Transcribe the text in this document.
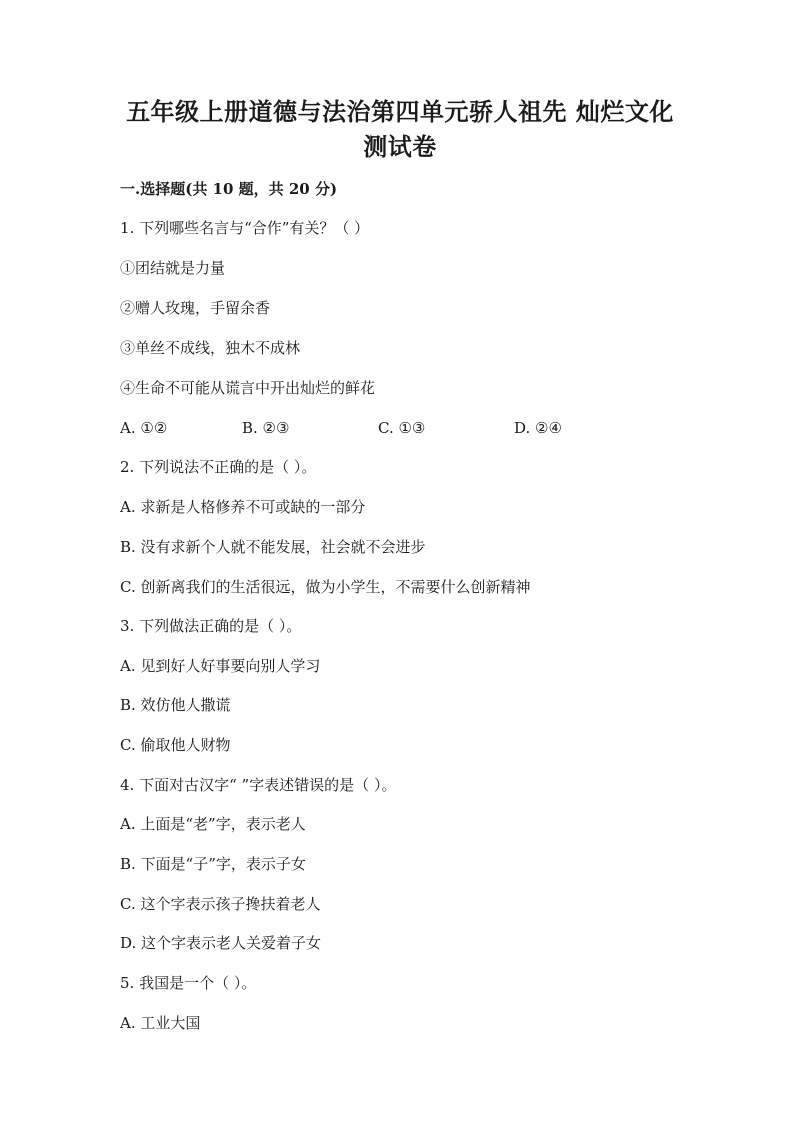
五年级上册道德与法治第四单元骄人祖先 灿烂文化
测试卷
一.选择题(共 10 题，共 20 分)
1. 下列哪些名言与“合作”有关？（ ）
①团结就是力量
②赠人玫瑰，手留余香
③单丝不成线，独木不成林
④生命不可能从谎言中开出灿烂的鲜花
A. ①②	B. ②③	C. ①③	D. ②④
2. 下列说法不正确的是（ ）。
A. 求新是人格修养不可或缺的一部分
B. 没有求新个人就不能发展，社会就不会进步
C. 创新离我们的生活很远，做为小学生，不需要什么创新精神
3. 下列做法正确的是（ ）。
A. 见到好人好事要向别人学习
B. 效仿他人撒谎
C. 偷取他人财物
4. 下面对古汉字“ ”字表述错误的是（ ）。
A. 上面是“老”字，表示老人
B. 下面是“子”字，表示子女
C. 这个字表示孩子搀扶着老人
D. 这个字表示老人关爱着子女
5. 我国是一个（ ）。
A. 工业大国
